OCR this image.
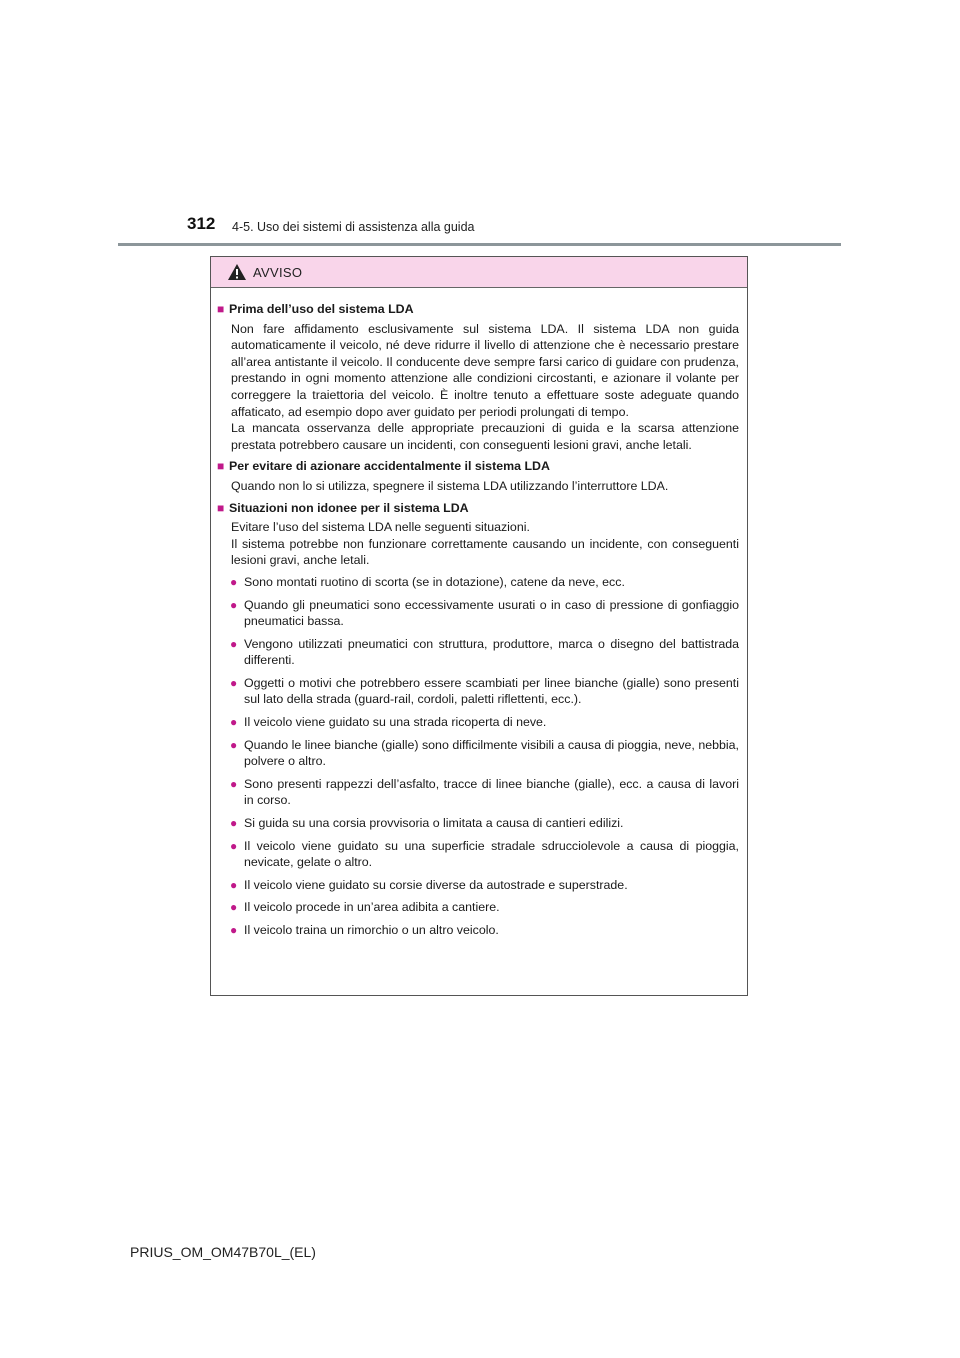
312 4-5. Uso dei sistemi di assistenza alla guida
AVVISO
■ Prima dell’uso del sistema LDA
Non fare affidamento esclusivamente sul sistema LDA. Il sistema LDA non guida automaticamente il veicolo, né deve ridurre il livello di attenzione che è necessario prestare all’area antistante il veicolo. Il conducente deve sempre farsi carico di guidare con prudenza, prestando in ogni momento attenzione alle condizioni circostanti, e azionare il volante per correggere la traiettoria del veicolo. È inoltre tenuto a effettuare soste adeguate quando affaticato, ad esempio dopo aver guidato per periodi prolungati di tempo.
La mancata osservanza delle appropriate precauzioni di guida e la scarsa attenzione prestata potrebbero causare un incidenti, con conseguenti lesioni gravi, anche letali.
■ Per evitare di azionare accidentalmente il sistema LDA
Quando non lo si utilizza, spegnere il sistema LDA utilizzando l’interruttore LDA.
■ Situazioni non idonee per il sistema LDA
Evitare l’uso del sistema LDA nelle seguenti situazioni.
Il sistema potrebbe non funzionare correttamente causando un incidente, con conseguenti lesioni gravi, anche letali.
● Sono montati ruotino di scorta (se in dotazione), catene da neve, ecc.
● Quando gli pneumatici sono eccessivamente usurati o in caso di pressione di gonfiaggio pneumatici bassa.
● Vengono utilizzati pneumatici con struttura, produttore, marca o disegno del battistrada differenti.
● Oggetti o motivi che potrebbero essere scambiati per linee bianche (gialle) sono presenti sul lato della strada (guard-rail, cordoli, paletti riflettenti, ecc.).
● Il veicolo viene guidato su una strada ricoperta di neve.
● Quando le linee bianche (gialle) sono difficilmente visibili a causa di pioggia, neve, nebbia, polvere o altro.
● Sono presenti rappezzi dell’asfalto, tracce di linee bianche (gialle), ecc. a causa di lavori in corso.
● Si guida su una corsia provvisoria o limitata a causa di cantieri edilizi.
● Il veicolo viene guidato su una superficie stradale sdrucciolevole a causa di pioggia, nevicate, gelate o altro.
● Il veicolo viene guidato su corsie diverse da autostrade e superstrade.
● Il veicolo procede in un’area adibita a cantiere.
● Il veicolo traina un rimorchio o un altro veicolo.
PRIUS_OM_OM47B70L_(EL)
